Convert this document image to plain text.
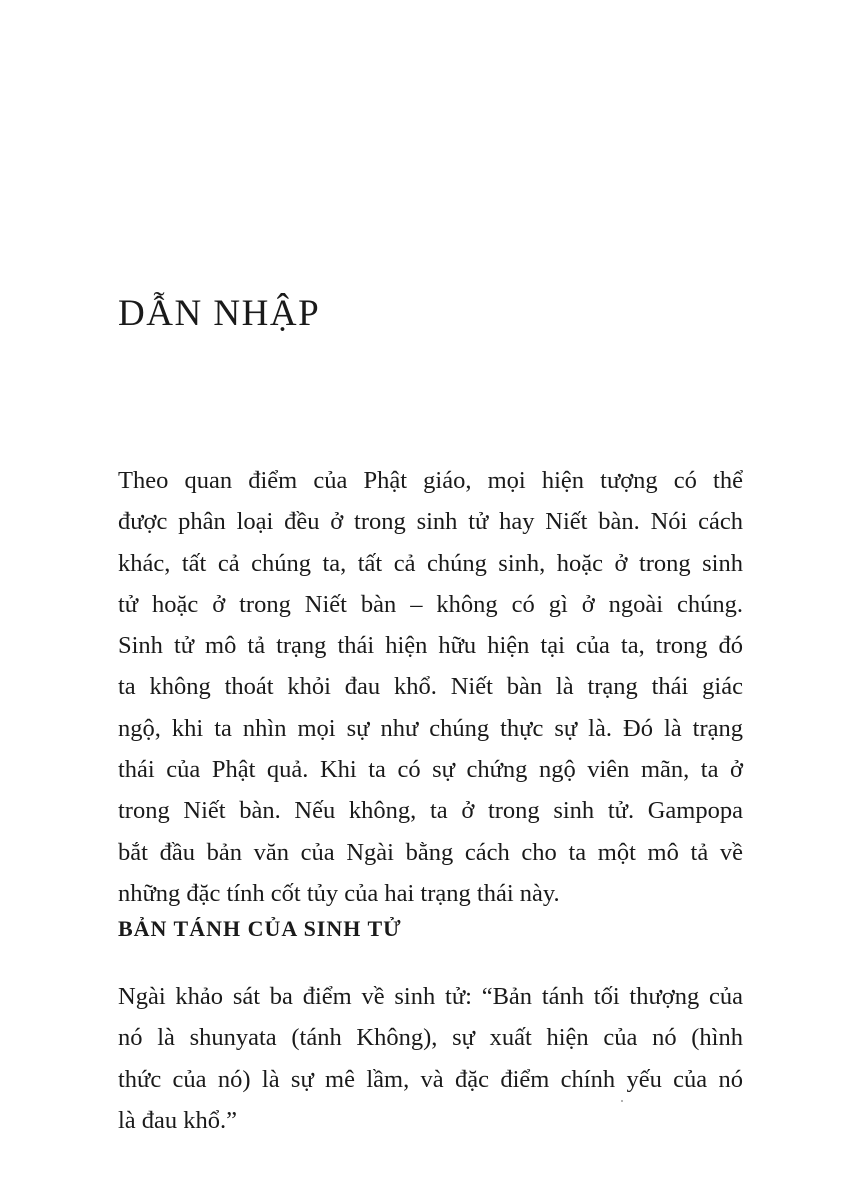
DẪN NHẬP
Theo quan điểm của Phật giáo, mọi hiện tượng có thể
được phân loại đều ở trong sinh tử hay Niết bàn. Nói cách
khác, tất cả chúng ta, tất cả chúng sinh, hoặc ở trong sinh
tử hoặc ở trong Niết bàn – không có gì ở ngoài chúng.
Sinh tử mô tả trạng thái hiện hữu hiện tại của ta, trong đó
ta không thoát khỏi đau khổ. Niết bàn là trạng thái giác
ngộ, khi ta nhìn mọi sự như chúng thực sự là. Đó là trạng
thái của Phật quả. Khi ta có sự chứng ngộ viên mãn, ta ở
trong Niết bàn. Nếu không, ta ở trong sinh tử. Gampopa
bắt đầu bản văn của Ngài bằng cách cho ta một mô tả về
những đặc tính cốt tủy của hai trạng thái này.
BẢN TÁNH CỦA SINH TỬ
Ngài khảo sát ba điểm về sinh tử: “Bản tánh tối thượng của
nó là shunyata (tánh Không), sự xuất hiện của nó (hình
thức của nó) là sự mê lầm, và đặc điểm chính yếu của nó
là đau khổ.”
